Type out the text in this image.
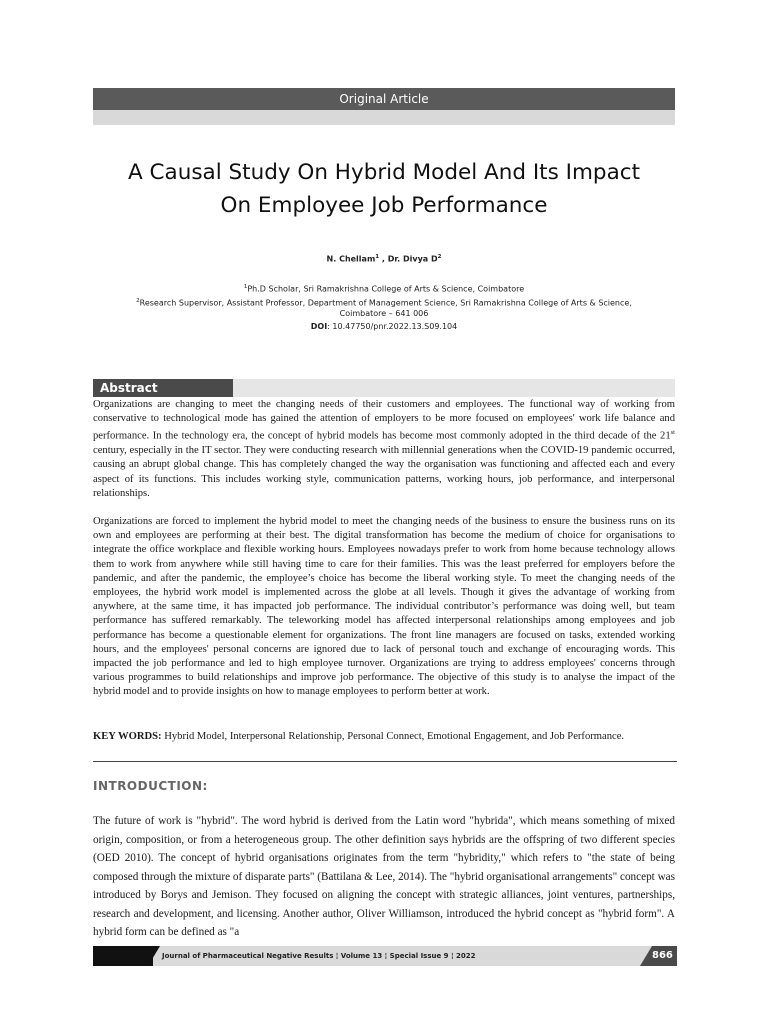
Original Article
A Causal Study On Hybrid Model And Its Impact
On Employee Job Performance
N. Chellam$^1$ , Dr. Divya $D^2$
$^1$Ph.D Scholar, Sri Ramakrishna College of Arts & Science, Coimbatore
$^2$Research Supervisor, Assistant Professor, Department of Management Science, Sri Ramakrishna College of Arts & Science,
Coimbatore – 641 006
DOI: 10.47750/pnr.2022.13.S09.104
Abstract

Organizations are changing to meet the changing needs of their customers and employees. The functional way of working from conservative to technological mode has gained the attention of employers to be more focused on employees' work life balance and performance. In the technology era, the concept of hybrid models has become most commonly adopted in the third decade of the 21st century, especially in the IT sector. They were conducting research with millennial generations when the COVID-19 pandemic occurred, causing an abrupt global change. This has completely changed the way the organisation was functioning and affected each and every aspect of its functions. This includes working style, communication patterns, working hours, job performance, and interpersonal relationships.

Organizations are forced to implement the hybrid model to meet the changing needs of the business to ensure the business runs on its own and employees are performing at their best. The digital transformation has become the medium of choice for organisations to integrate the office workplace and flexible working hours. Employees nowadays prefer to work from home because technology allows them to work from anywhere while still having time to care for their families. This was the least preferred for employers before the pandemic, and after the pandemic, the employee’s choice has become the liberal working style. To meet the changing needs of the employees, the hybrid work model is implemented across the globe at all levels. Though it gives the advantage of working from anywhere, at the same time, it has impacted job performance. The individual contributor’s performance was doing well, but team performance has suffered remarkably. The teleworking model has affected interpersonal relationships among employees and job performance has become a questionable element for organizations. The front line managers are focused on tasks, extended working hours, and the employees' personal concerns are ignored due to lack of personal touch and exchange of encouraging words. This impacted the job performance and led to high employee turnover. Organizations are trying to address employees' concerns through various programmes to build relationships and improve job performance. The objective of this study is to analyse the impact of the hybrid model and to provide insights on how to manage employees to perform better at work.

KEY WORDS: Hybrid Model, Interpersonal Relationship, Personal Connect, Emotional Engagement, and Job Performance.

INTRODUCTION:

The future of work is "hybrid". The word hybrid is derived from the Latin word "hybrida", which means something of mixed origin, composition, or from a heterogeneous group. The other definition says hybrids are the offspring of two different species (OED 2010). The concept of hybrid organisations originates from the term "hybridity," which refers to "the state of being composed through the mixture of disparate parts" (Battilana & Lee, 2014). The "hybrid organisational arrangements" concept was introduced by Borys and Jemison. They focused on aligning the concept with strategic alliances, joint ventures, partnerships, research and development, and licensing. Another author, Oliver Williamson, introduced the hybrid concept as "hybrid form". A hybrid form can be defined as "a

Journal of Pharmaceutical Negative Results ¦ Volume 13 ¦ Special Issue 9 ¦ 2022	866
